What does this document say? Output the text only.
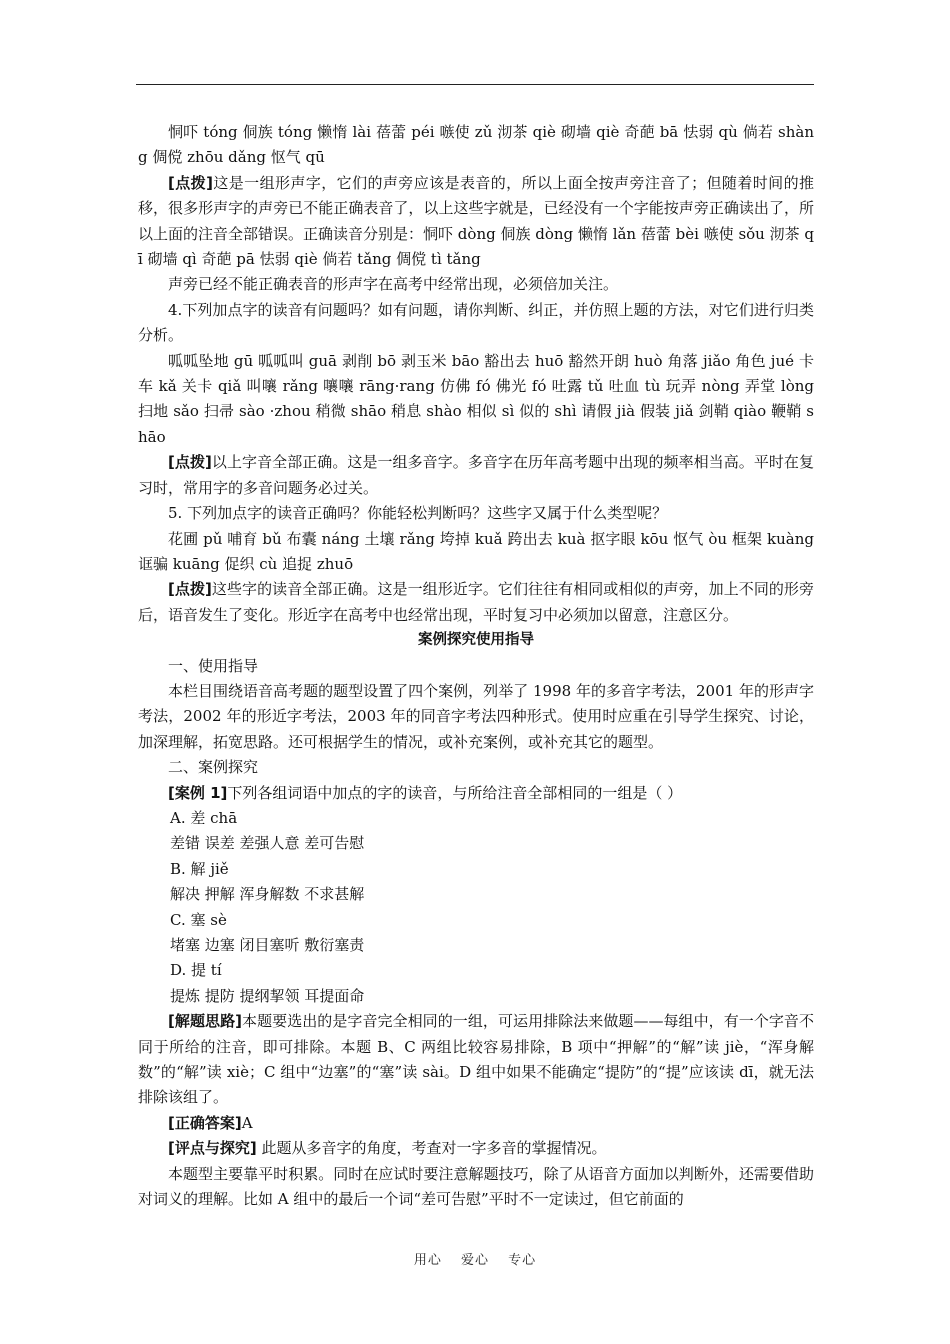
恫吓 tóng 侗族 tóng 懒惰 lài 蓓蕾 péi 嗾使 zǔ 沏茶 qiè 砌墙 qiè 奇葩 bā 怯弱 qù 倘若 shàng 倜傥 zhōu dǎng 怄气 qū

[点拨]这是一组形声字，它们的声旁应该是表音的，所以上面全按声旁注音了；但随着时间的推移，很多形声字的声旁已不能正确表音了，以上这些字就是，已经没有一个字能按声旁正确读出了，所以上面的注音全部错误。正确读音分别是：恫吓 dòng 侗族 dòng 懒惰 lǎn 蓓蕾 bèi 嗾使 sǒu 沏茶 qī 砌墙 qì 奇葩 pā 怯弱 qiè 倘若 tǎng 倜傥 tì tǎng

声旁已经不能正确表音的形声字在高考中经常出现，必须倍加关注。

4.下列加点字的读音有问题吗？如有问题，请你判断、纠正，并仿照上题的方法，对它们进行归类分析。

呱呱坠地 gū 呱呱叫 guā 剥削 bō 剥玉米 bāo 豁出去 huō 豁然开朗 huò 角落 jiǎo 角色 jué 卡车 kǎ 关卡 qiǎ 叫嚷 rǎng 嚷嚷 rāng·rang 仿佛 fó 佛光 fó 吐露 tǔ 吐血 tù 玩弄 nòng 弄堂 lòng 扫地 sǎo 扫帚 sào ·zhou 稍微 shāo 稍息 shào 相似 sì 似的 shì 请假 jià 假装 jiǎ 剑鞘 qiào 鞭鞘 shāo

[点拨]以上字音全部正确。这是一组多音字。多音字在历年高考题中出现的频率相当高。平时在复习时，常用字的多音问题务必过关。

5. 下列加点字的读音正确吗？你能轻松判断吗？这些字又属于什么类型呢？

花圃 pǔ 哺育 bǔ 布囊 náng 土壤 rǎng 垮掉 kuǎ 跨出去 kuà 抠字眼 kōu 怄气 òu 框架 kuàng 诓骗 kuāng 促织 cù 追捉 zhuō

[点拨]这些字的读音全部正确。这是一组形近字。它们往往有相同或相似的声旁，加上不同的形旁后，语音发生了变化。形近字在高考中也经常出现，平时复习中必须加以留意，注意区分。

案例探究使用指导

一、使用指导

本栏目围绕语音高考题的题型设置了四个案例，列举了 1998 年的多音字考法，2001 年的形声字考法，2002 年的形近字考法，2003 年的同音字考法四种形式。使用时应重在引导学生探究、讨论，加深理解，拓宽思路。还可根据学生的情况，或补充案例，或补充其它的题型。

二、案例探究

[案例 1]下列各组词语中加点的字的读音，与所给注音全部相同的一组是（ ）

A. 差 chā

差错 误差 差强人意 差可告慰

B. 解 jiě

解决 押解 浑身解数 不求甚解

C. 塞 sè

堵塞 边塞 闭目塞听 敷衍塞责

D. 提 tí

提炼 提防 提纲挈领 耳提面命

[解题思路]本题要选出的是字音完全相同的一组，可运用排除法来做题——每组中，有一个字音不同于所给的注音，即可排除。本题 B、C 两组比较容易排除，B 项中“押解”的“解”读 jiè，“浑身解数”的“解”读 xiè；C 组中“边塞”的“塞”读 sài。D 组中如果不能确定“提防”的“提”应该读 dī，就无法排除该组了。

[正确答案]A

[评点与探究] 此题从多音字的角度，考查对一字多音的掌握情况。

本题型主要靠平时积累。同时在应试时要注意解题技巧，除了从语音方面加以判断外，还需要借助对词义的理解。比如 A 组中的最后一个词“差可告慰”平时不一定读过，但它前面的

用心 爱心 专心
